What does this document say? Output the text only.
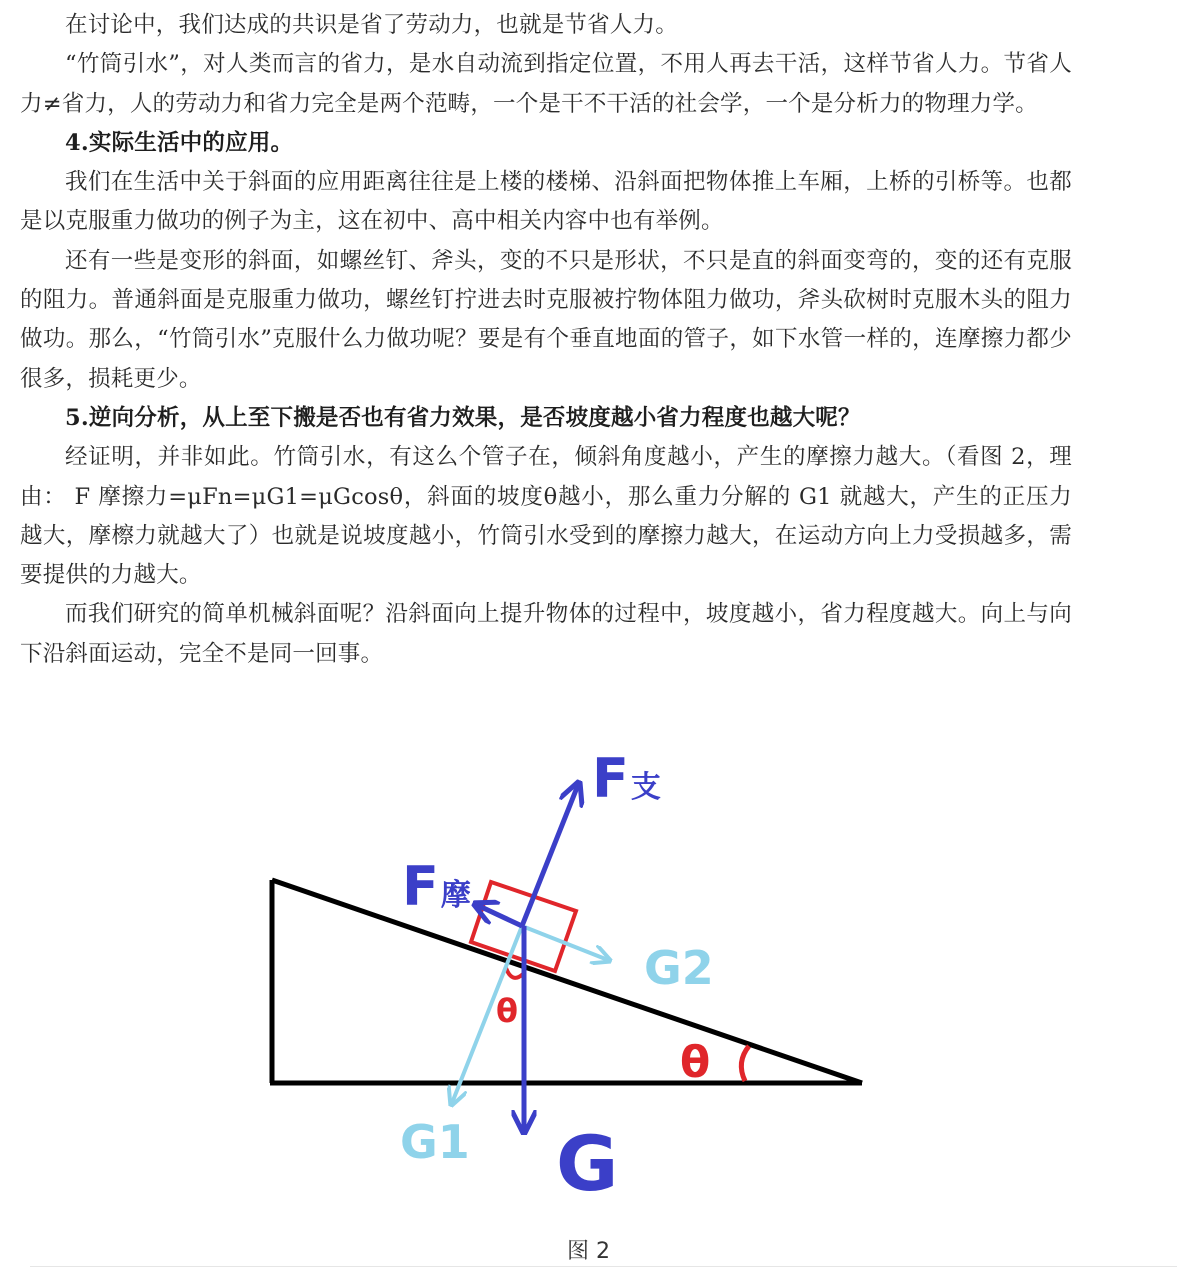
在讨论中，我们达成的共识是省了劳动力，也就是节省人力。

“竹筒引水”，对人类而言的省力，是水自动流到指定位置，不用人再去干活，这样节省人力。节省人力≠省力，人的劳动力和省力完全是两个范畴，一个是干不干活的社会学，一个是分析力的物理力学。

4.实际生活中的应用。

我们在生活中关于斜面的应用距离往往是上楼的楼梯、沿斜面把物体推上车厢，上桥的引桥等。也都是以克服重力做功的例子为主，这在初中、高中相关内容中也有举例。

还有一些是变形的斜面，如螺丝钉、斧头，变的不只是形状，不只是直的斜面变弯的，变的还有克服的阻力。普通斜面是克服重力做功，螺丝钉拧进去时克服被拧物体阻力做功，斧头砍树时克服木头的阻力做功。那么，“竹筒引水”克服什么力做功呢？要是有个垂直地面的管子，如下水管一样的，连摩擦力都少很多，损耗更少。

5.逆向分析，从上至下搬是否也有省力效果，是否坡度越小省力程度也越大呢？

经证明，并非如此。竹筒引水，有这么个管子在，倾斜角度越小，产生的摩擦力越大。（看图 2，理由： F 摩擦力=μFn=μG1=μGcosθ，斜面的坡度θ越小，那么重力分解的 G1 就越大，产生的正压力越大，摩檫力就越大了）也就是说坡度越小，竹筒引水受到的摩擦力越大，在运动方向上力受损越多，需要提供的力越大。

而我们研究的简单机械斜面呢？沿斜面向上提升物体的过程中，坡度越小，省力程度越大。向上与向下沿斜面运动，完全不是同一回事。

F支
F摩
G2
G1 G
θ
θ
图 2
